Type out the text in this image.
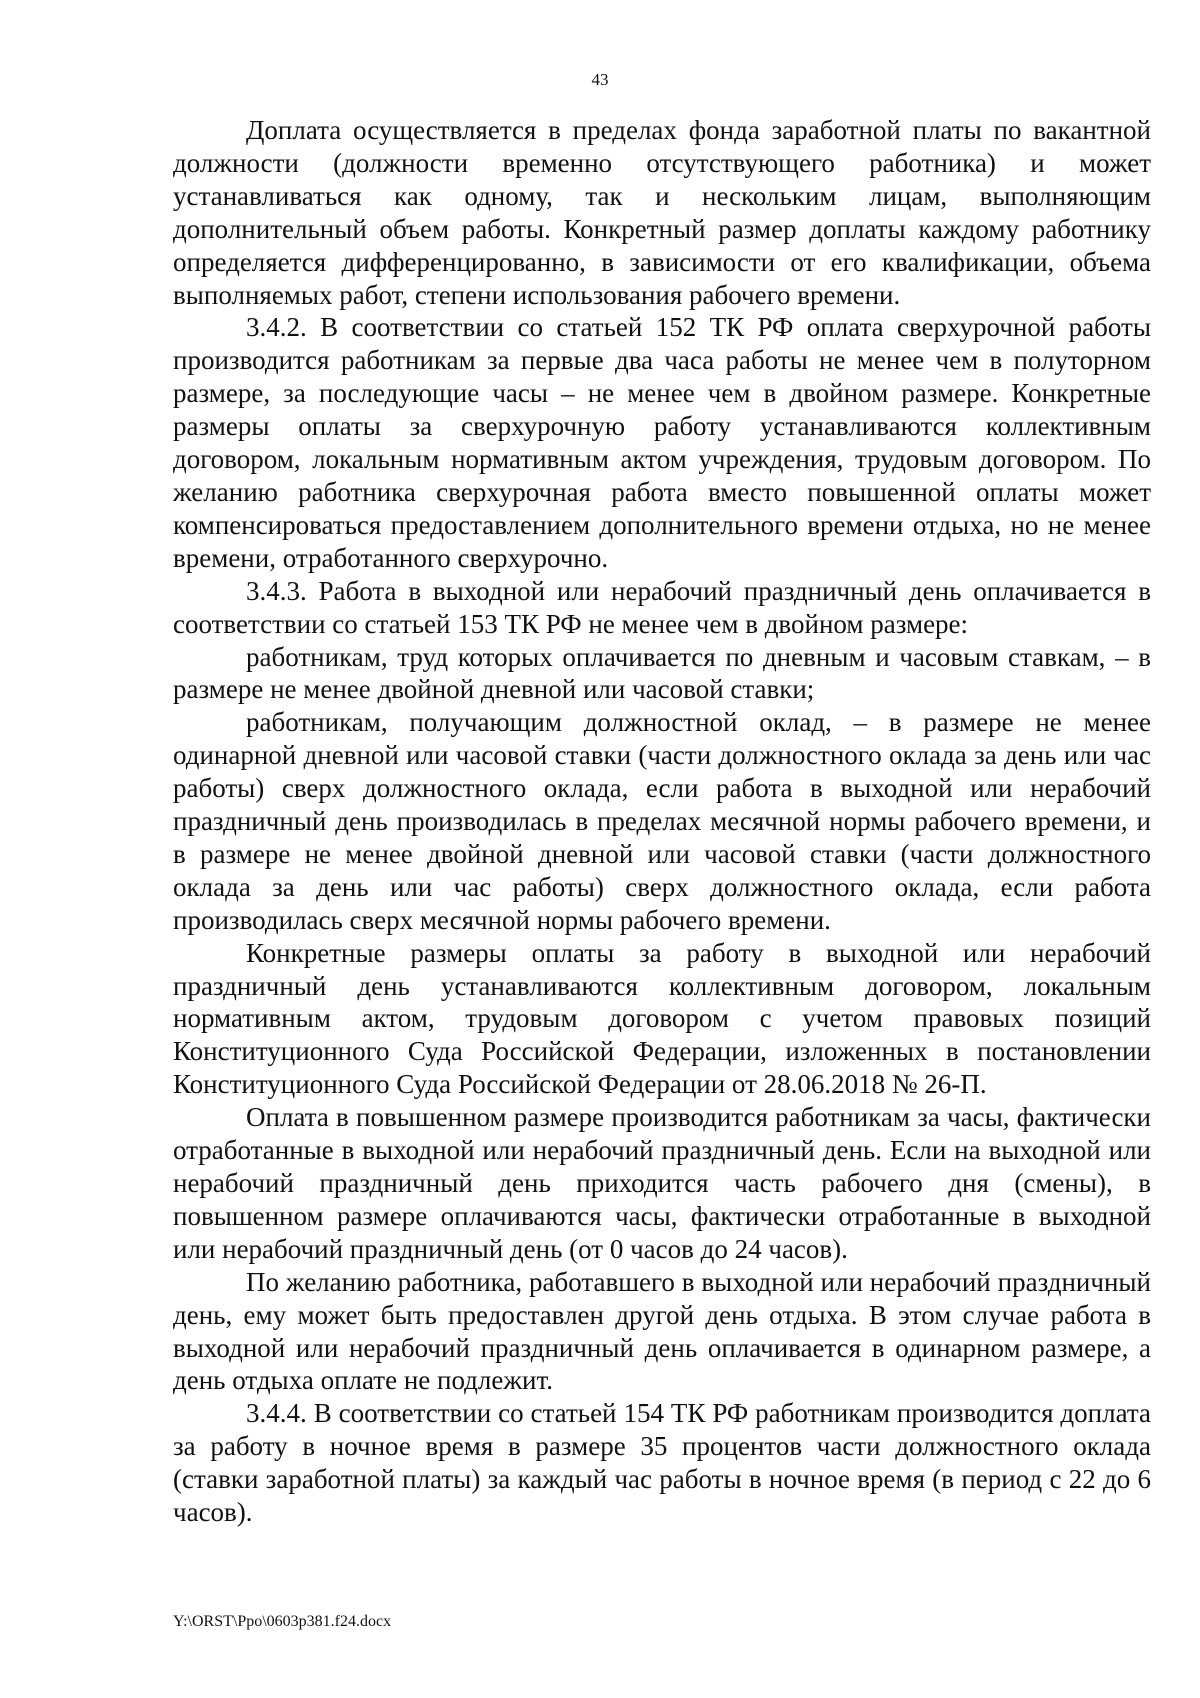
43

Доплата осуществляется в пределах фонда заработной платы по вакантной должности (должности временно отсутствующего работника) и может устанавливаться как одному, так и нескольким лицам, выполняющим дополнительный объем работы. Конкретный размер доплаты каждому работнику определяется дифференцированно, в зависимости от его квалификации, объема выполняемых работ, степени использования рабочего времени.

3.4.2. В соответствии со статьей 152 ТК РФ оплата сверхурочной работы производится работникам за первые два часа работы не менее чем в полуторном размере, за последующие часы – не менее чем в двойном размере. Конкретные размеры оплаты за сверхурочную работу устанавливаются коллективным договором, локальным нормативным актом учреждения, трудовым договором. По желанию работника сверхурочная работа вместо повышенной оплаты может компенсироваться предоставлением дополнительного времени отдыха, но не менее времени, отработанного сверхурочно.

3.4.3. Работа в выходной или нерабочий праздничный день оплачивается в соответствии со статьей 153 ТК РФ не менее чем в двойном размере:

работникам, труд которых оплачивается по дневным и часовым ставкам, – в размере не менее двойной дневной или часовой ставки;

работникам, получающим должностной оклад, – в размере не менее одинарной дневной или часовой ставки (части должностного оклада за день или час работы) сверх должностного оклада, если работа в выходной или нерабочий праздничный день производилась в пределах месячной нормы рабочего времени, и в размере не менее двойной дневной или часовой ставки (части должностного оклада за день или час работы) сверх должностного оклада, если работа производилась сверх месячной нормы рабочего времени.

Конкретные размеры оплаты за работу в выходной или нерабочий праздничный день устанавливаются коллективным договором, локальным нормативным актом, трудовым договором с учетом правовых позиций Конституционного Суда Российской Федерации, изложенных в постановлении Конституционного Суда Российской Федерации от 28.06.2018 № 26-П.

Оплата в повышенном размере производится работникам за часы, фактически отработанные в выходной или нерабочий праздничный день. Если на выходной или нерабочий праздничный день приходится часть рабочего дня (смены), в повышенном размере оплачиваются часы, фактически отработанные в выходной или нерабочий праздничный день (от 0 часов до 24 часов).

По желанию работника, работавшего в выходной или нерабочий праздничный день, ему может быть предоставлен другой день отдыха. В этом случае работа в выходной или нерабочий праздничный день оплачивается в одинарном размере, а день отдыха оплате не подлежит.

3.4.4. В соответствии со статьей 154 ТК РФ работникам производится доплата за работу в ночное время в размере 35 процентов части должностного оклада (ставки заработной платы) за каждый час работы в ночное время (в период с 22 до 6 часов).

Y:\ORST\Ppo\0603p381.f24.docx
